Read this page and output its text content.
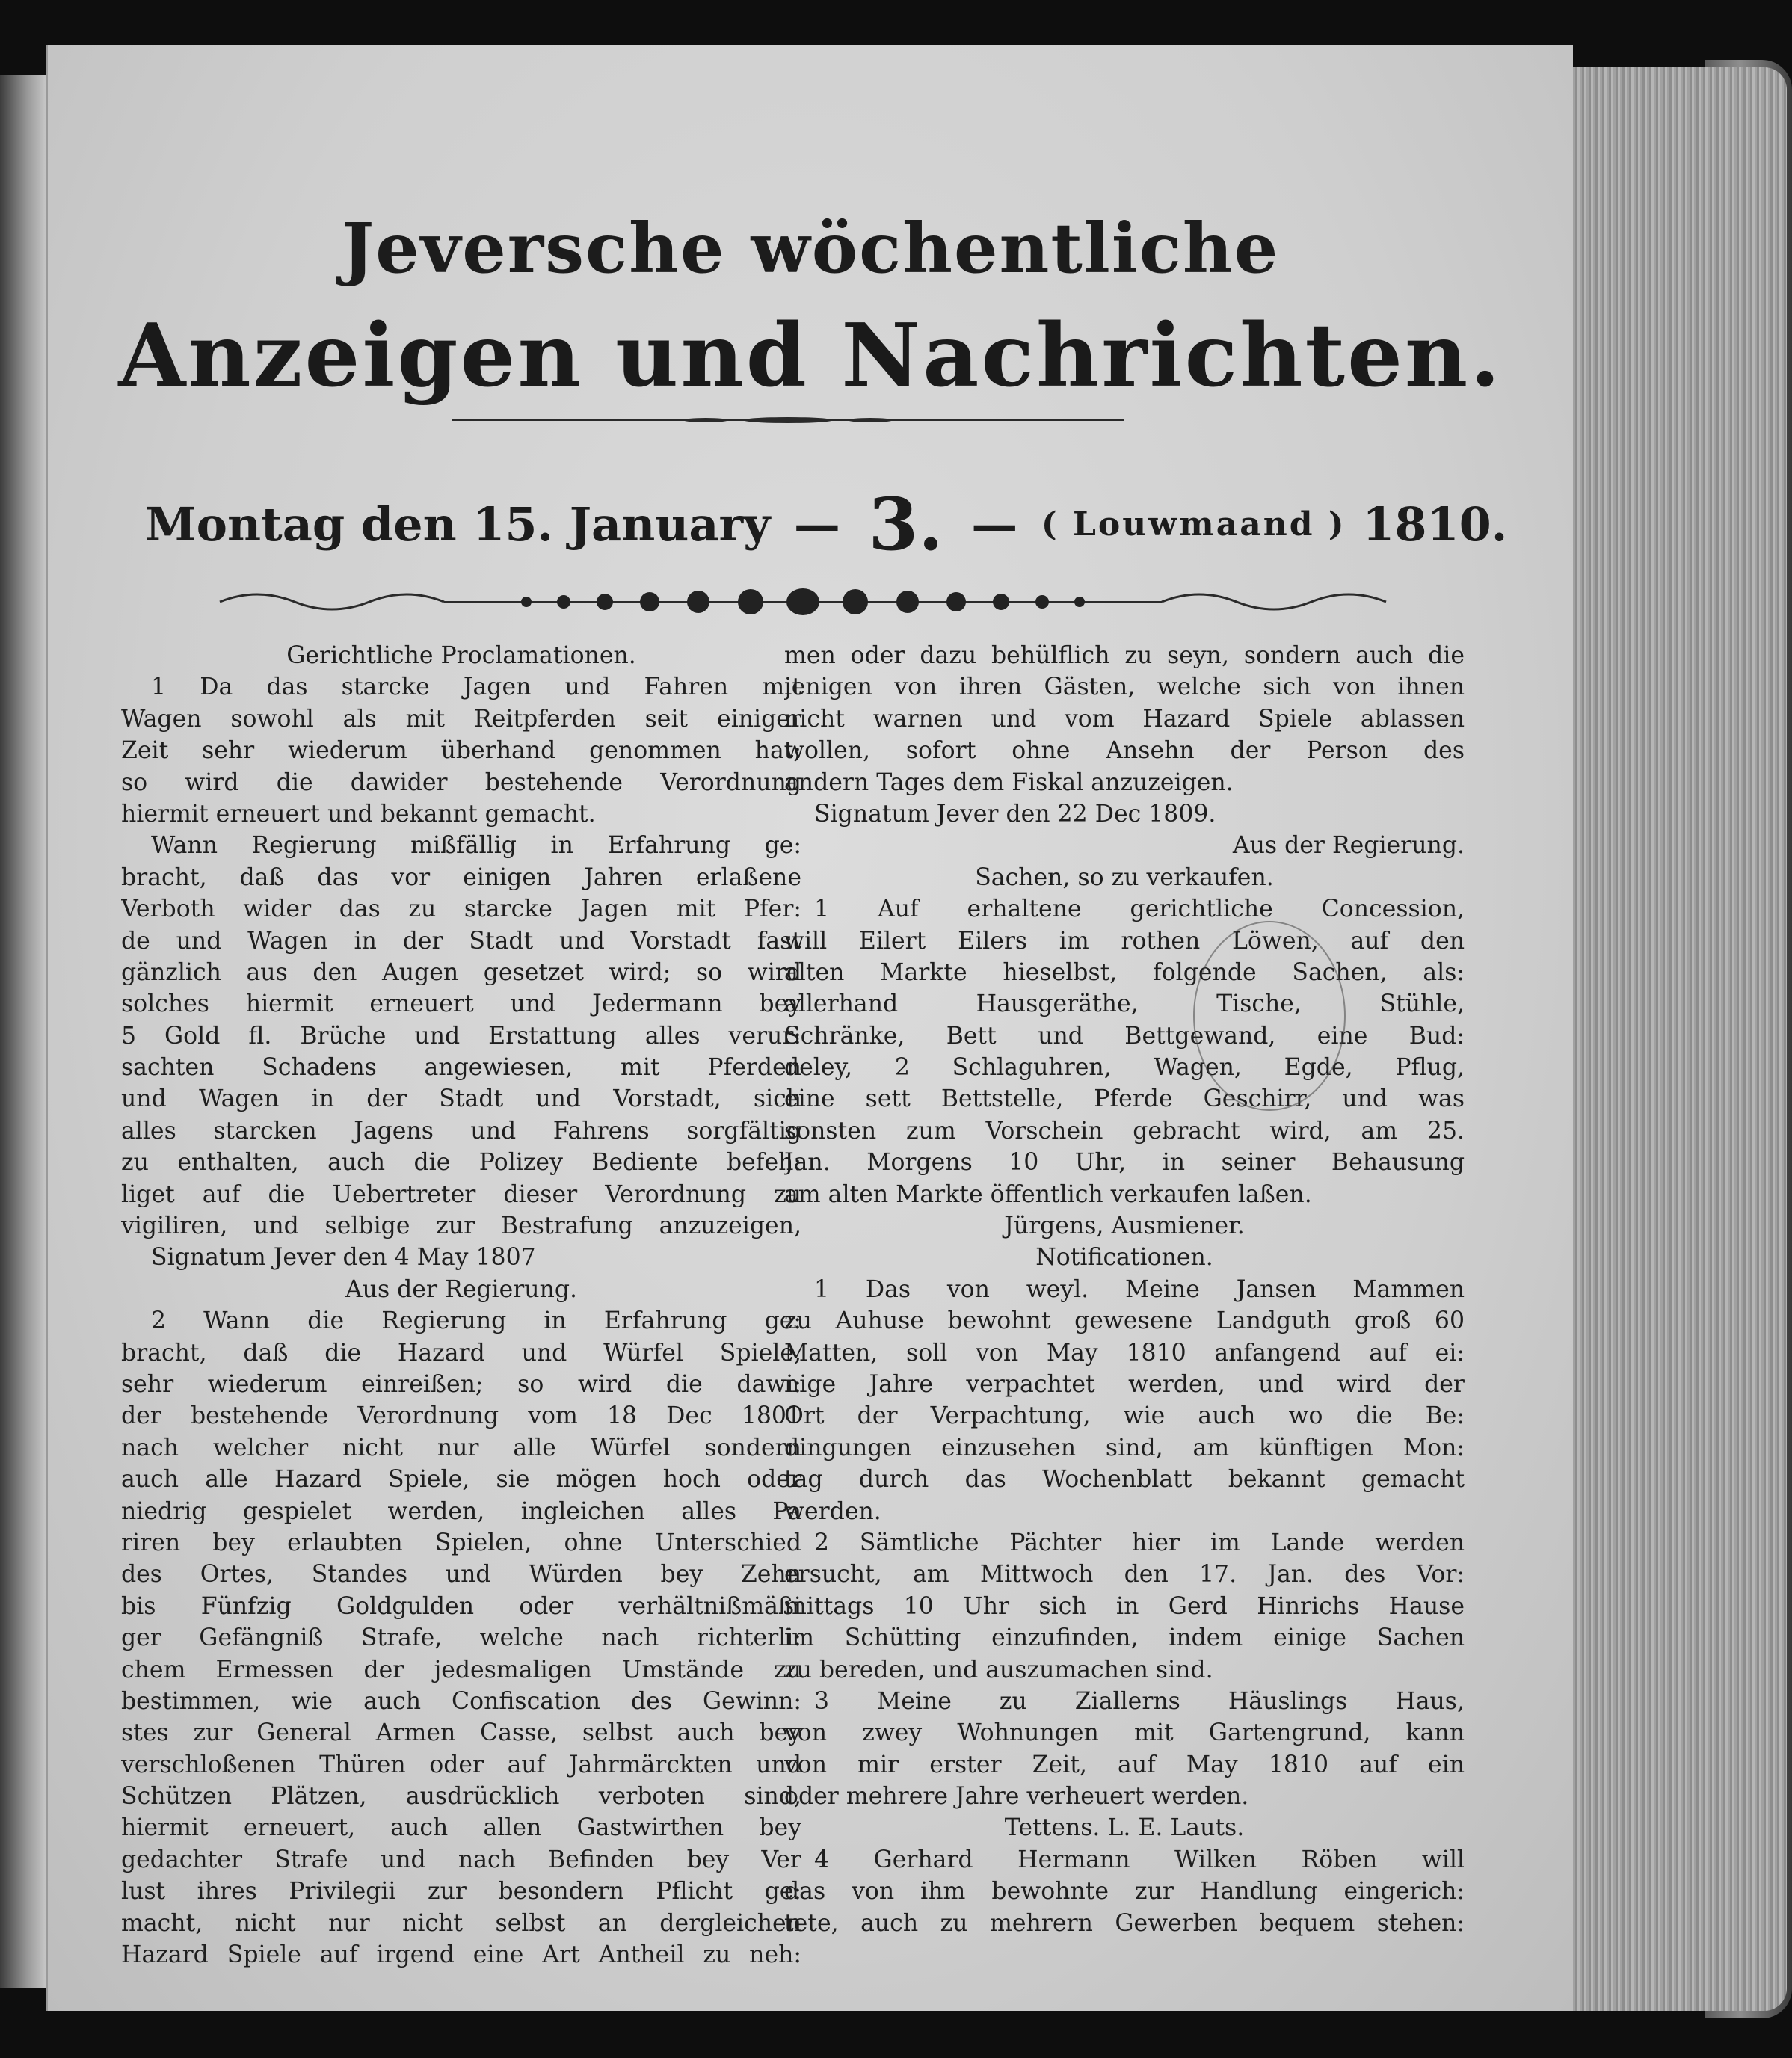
Jeversche wöchentliche
Anzeigen und Nachrichten.
Montag den 15. January — 3. — ( Louwmaand ) 1810.
Gerichtliche Proclamationen.
1 Da das starcke Jagen und Fahren mit
Wagen sowohl als mit Reitpferden seit einiger
Zeit sehr wiederum überhand genommen hat;
so wird die dawider bestehende Verordnung
hiermit erneuert und bekannt gemacht.
Wann Regierung mißfällig in Erfahrung ge:
bracht, daß das vor einigen Jahren erlaßene
Verboth wider das zu starcke Jagen mit Pfer:
de und Wagen in der Stadt und Vorstadt fast
gänzlich aus den Augen gesetzet wird; so wird
solches hiermit erneuert und Jedermann bey
5 Gold fl. Brüche und Erstattung alles verur:
sachten Schadens angewiesen, mit Pferden
und Wagen in der Stadt und Vorstadt, sich
alles starcken Jagens und Fahrens sorgfältig
zu enthalten, auch die Polizey Bediente befeh:
liget auf die Uebertreter dieser Verordnung zu
vigiliren, und selbige zur Bestrafung anzuzeigen,
Signatum Jever den 4 May 1807
Aus der Regierung.
2 Wann die Regierung in Erfahrung ge:
bracht, daß die Hazard und Würfel Spiele,
sehr wiederum einreißen; so wird die dawi:
der bestehende Verordnung vom 18 Dec 1801
nach welcher nicht nur alle Würfel sondern
auch alle Hazard Spiele, sie mögen hoch oder
niedrig gespielet werden, ingleichen alles Pa
riren bey erlaubten Spielen, ohne Unterschied
des Ortes, Standes und Würden bey Zehn
bis Fünfzig Goldgulden oder verhältnißmäßi
ger Gefängniß Strafe, welche nach richterli:
chem Ermessen der jedesmaligen Umstände zu
bestimmen, wie auch Confiscation des Gewinn:
stes zur General Armen Casse, selbst auch bey
verschloßenen Thüren oder auf Jahrmärckten und
Schützen Plätzen, ausdrücklich verboten sind,
hiermit erneuert, auch allen Gastwirthen bey
gedachter Strafe und nach Befinden bey Ver
lust ihres Privilegii zur besondern Pflicht ge:
macht, nicht nur nicht selbst an dergleichen
Hazard Spiele auf irgend eine Art Antheil zu neh:
men oder dazu behülflich zu seyn, sondern auch die
jenigen von ihren Gästen, welche sich von ihnen
nicht warnen und vom Hazard Spiele ablassen
wollen, sofort ohne Ansehn der Person des
andern Tages dem Fiskal anzuzeigen.
Signatum Jever den 22 Dec 1809.
Aus der Regierung.
Sachen, so zu verkaufen.
1 Auf erhaltene gerichtliche Concession,
will Eilert Eilers im rothen Löwen, auf den
alten Markte hieselbst, folgende Sachen, als:
allerhand Hausgeräthe, Tische, Stühle,
Schränke, Bett und Bettgewand, eine Bud:
deley, 2 Schlaguhren, Wagen, Egde, Pflug,
eine sett Bettstelle, Pferde Geschirr, und was
sonsten zum Vorschein gebracht wird, am 25.
Jan. Morgens 10 Uhr, in seiner Behausung
am alten Markte öffentlich verkaufen laßen.
Jürgens, Ausmiener.
Notificationen.
1 Das von weyl. Meine Jansen Mammen
zu Auhuse bewohnt gewesene Landguth groß 60
Matten, soll von May 1810 anfangend auf ei:
nige Jahre verpachtet werden, und wird der
Ort der Verpachtung, wie auch wo die Be:
dingungen einzusehen sind, am künftigen Mon:
tag durch das Wochenblatt bekannt gemacht
werden.
2 Sämtliche Pächter hier im Lande werden
ersucht, am Mittwoch den 17. Jan. des Vor:
mittags 10 Uhr sich in Gerd Hinrichs Hause
im Schütting einzufinden, indem einige Sachen
zu bereden, und auszumachen sind.
3 Meine zu Ziallerns Häuslings Haus,
von zwey Wohnungen mit Gartengrund, kann
von mir erster Zeit, auf May 1810 auf ein
oder mehrere Jahre verheuert werden.
Tettens. L. E. Lauts.
4 Gerhard Hermann Wilken Röben will
das von ihm bewohnte zur Handlung eingerich:
tete, auch zu mehrern Gewerben bequem stehen:
